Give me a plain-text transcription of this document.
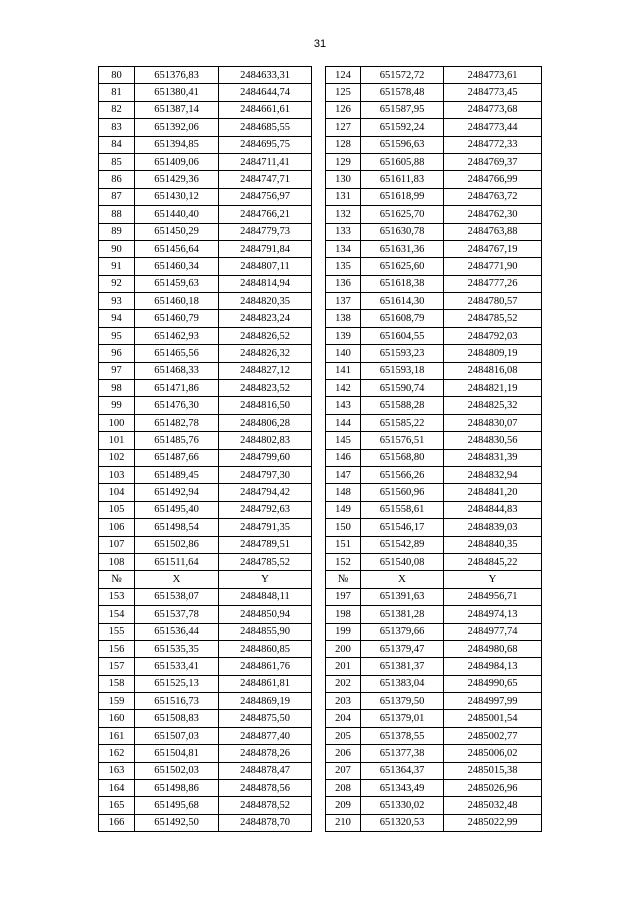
31
80	651376,83	2484633,31		124	651572,72	2484773,61
81	651380,41	2484644,74		125	651578,48	2484773,45
82	651387,14	2484661,61		126	651587,95	2484773,68
83	651392,06	2484685,55		127	651592,24	2484773,44
84	651394,85	2484695,75		128	651596,63	2484772,33
85	651409,06	2484711,41		129	651605,88	2484769,37
86	651429,36	2484747,71		130	651611,83	2484766,99
87	651430,12	2484756,97		131	651618,99	2484763,72
88	651440,40	2484766,21		132	651625,70	2484762,30
89	651450,29	2484779,73		133	651630,78	2484763,88
90	651456,64	2484791,84		134	651631,36	2484767,19
91	651460,34	2484807,11		135	651625,60	2484771,90
92	651459,63	2484814,94		136	651618,38	2484777,26
93	651460,18	2484820,35		137	651614,30	2484780,57
94	651460,79	2484823,24		138	651608,79	2484785,52
95	651462,93	2484826,52		139	651604,55	2484792,03
96	651465,56	2484826,32		140	651593,23	2484809,19
97	651468,33	2484827,12		141	651593,18	2484816,08
98	651471,86	2484823,52		142	651590,74	2484821,19
99	651476,30	2484816,50		143	651588,28	2484825,32
100	651482,78	2484806,28		144	651585,22	2484830,07
101	651485,76	2484802,83		145	651576,51	2484830,56
102	651487,66	2484799,60		146	651568,80	2484831,39
103	651489,45	2484797,30		147	651566,26	2484832,94
104	651492,94	2484794,42		148	651560,96	2484841,20
105	651495,40	2484792,63		149	651558,61	2484844,83
106	651498,54	2484791,35		150	651546,17	2484839,03
107	651502,86	2484789,51		151	651542,89	2484840,35
108	651511,64	2484785,52		152	651540,08	2484845,22
№	X	Y		№	X	Y
153	651538,07	2484848,11		197	651391,63	2484956,71
154	651537,78	2484850,94		198	651381,28	2484974,13
155	651536,44	2484855,90		199	651379,66	2484977,74
156	651535,35	2484860,85		200	651379,47	2484980,68
157	651533,41	2484861,76		201	651381,37	2484984,13
158	651525,13	2484861,81		202	651383,04	2484990,65
159	651516,73	2484869,19		203	651379,50	2484997,99
160	651508,83	2484875,50		204	651379,01	2485001,54
161	651507,03	2484877,40		205	651378,55	2485002,77
162	651504,81	2484878,26		206	651377,38	2485006,02
163	651502,03	2484878,47		207	651364,37	2485015,38
164	651498,86	2484878,56		208	651343,49	2485026,96
165	651495,68	2484878,52		209	651330,02	2485032,48
166	651492,50	2484878,70		210	651320,53	2485022,99
